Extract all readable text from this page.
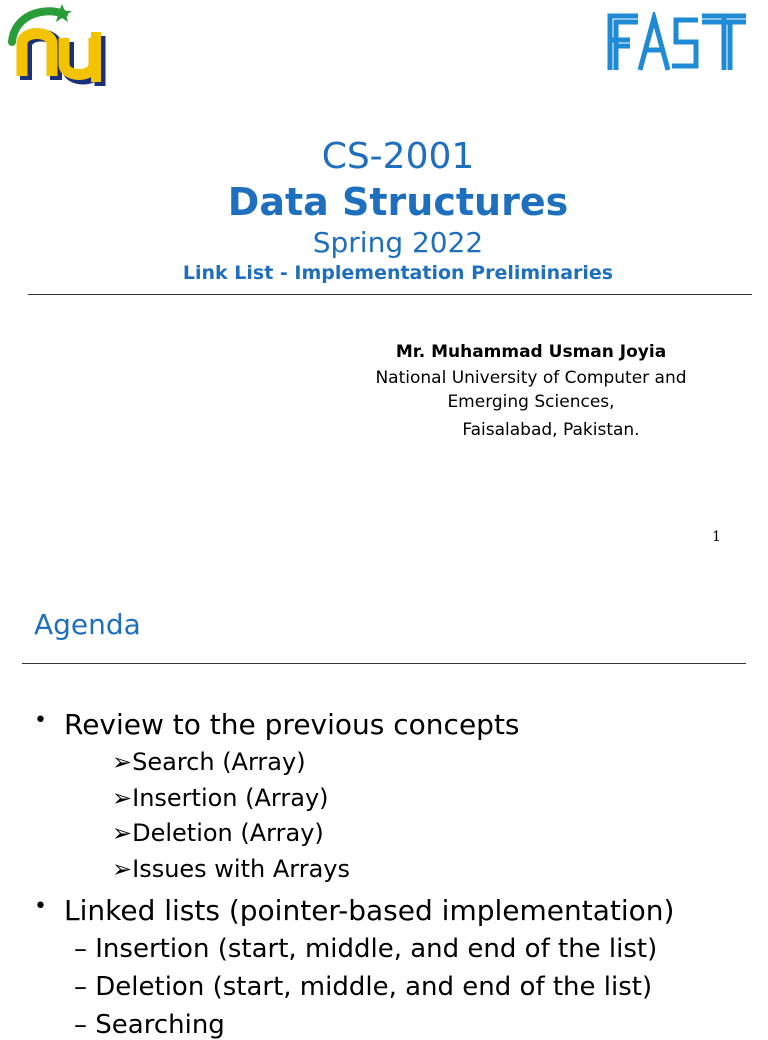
CS-2001
Data Structures
Spring 2022
Link List - Implementation Preliminaries
Mr. Muhammad Usman Joyia
National University of Computer and
Emerging Sciences,
Faisalabad, Pakistan.
1
Agenda
• Review to the previous concepts
➢Search (Array)
➢Insertion (Array)
➢Deletion (Array)
➢Issues with Arrays
• Linked lists (pointer-based implementation)
– Insertion (start, middle, and end of the list)
– Deletion (start, middle, and end of the list)
– Searching
